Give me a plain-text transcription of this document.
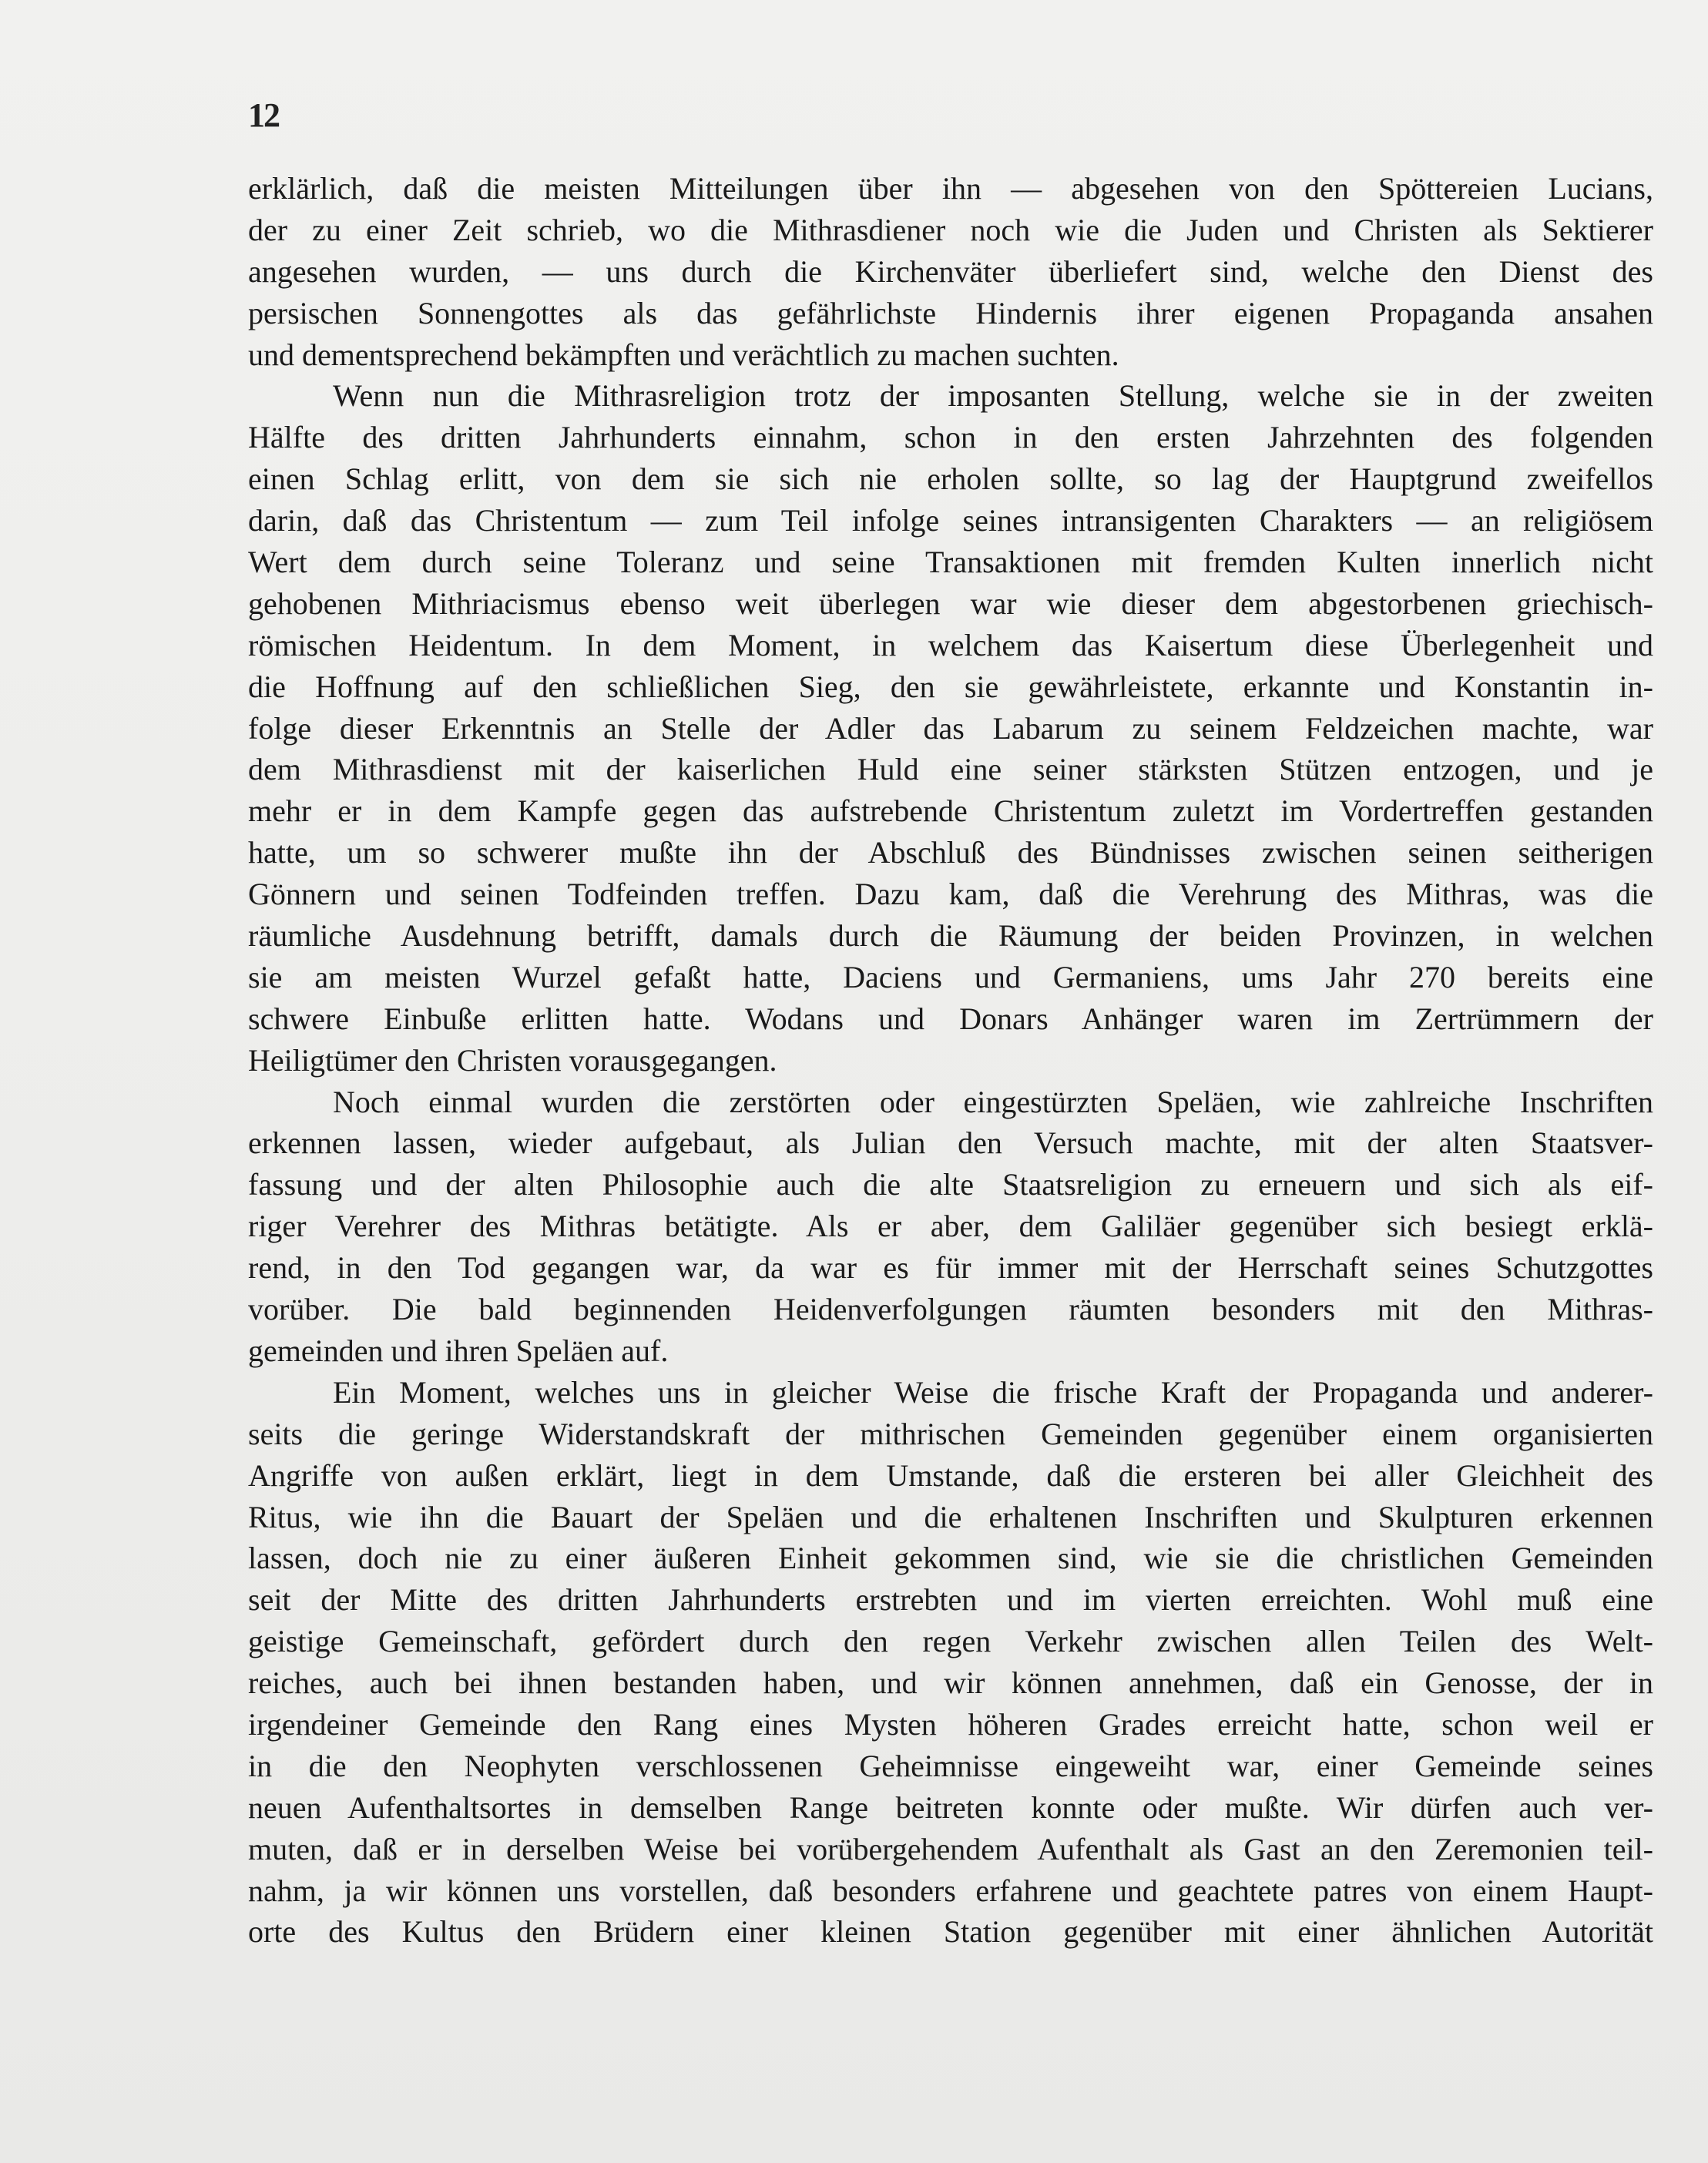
12
erklärlich, daß die meisten Mitteilungen über ihn — abgesehen von den Spöttereien Lucians,
der zu einer Zeit schrieb, wo die Mithrasdiener noch wie die Juden und Christen als Sektierer
angesehen wurden, — uns durch die Kirchenväter überliefert sind, welche den Dienst des
persischen Sonnengottes als das gefährlichste Hindernis ihrer eigenen Propaganda ansahen
und dementsprechend bekämpften und verächtlich zu machen suchten.
Wenn nun die Mithrasreligion trotz der imposanten Stellung, welche sie in der zweiten
Hälfte des dritten Jahrhunderts einnahm, schon in den ersten Jahrzehnten des folgenden
einen Schlag erlitt, von dem sie sich nie erholen sollte, so lag der Hauptgrund zweifellos
darin, daß das Christentum — zum Teil infolge seines intransigenten Charakters — an religiösem
Wert dem durch seine Toleranz und seine Transaktionen mit fremden Kulten innerlich nicht
gehobenen Mithriacismus ebenso weit überlegen war wie dieser dem abgestorbenen griechisch-
römischen Heidentum. In dem Moment, in welchem das Kaisertum diese Überlegenheit und
die Hoffnung auf den schließlichen Sieg, den sie gewährleistete, erkannte und Konstantin in-
folge dieser Erkenntnis an Stelle der Adler das Labarum zu seinem Feldzeichen machte, war
dem Mithrasdienst mit der kaiserlichen Huld eine seiner stärksten Stützen entzogen, und je
mehr er in dem Kampfe gegen das aufstrebende Christentum zuletzt im Vordertreffen gestanden
hatte, um so schwerer mußte ihn der Abschluß des Bündnisses zwischen seinen seitherigen
Gönnern und seinen Todfeinden treffen. Dazu kam, daß die Verehrung des Mithras, was die
räumliche Ausdehnung betrifft, damals durch die Räumung der beiden Provinzen, in welchen
sie am meisten Wurzel gefaßt hatte, Daciens und Germaniens, ums Jahr 270 bereits eine
schwere Einbuße erlitten hatte. Wodans und Donars Anhänger waren im Zertrümmern der
Heiligtümer den Christen vorausgegangen.
Noch einmal wurden die zerstörten oder eingestürzten Speläen, wie zahlreiche Inschriften
erkennen lassen, wieder aufgebaut, als Julian den Versuch machte, mit der alten Staatsver-
fassung und der alten Philosophie auch die alte Staatsreligion zu erneuern und sich als eif-
riger Verehrer des Mithras betätigte. Als er aber, dem Galiläer gegenüber sich besiegt erklä-
rend, in den Tod gegangen war, da war es für immer mit der Herrschaft seines Schutzgottes
vorüber. Die bald beginnenden Heidenverfolgungen räumten besonders mit den Mithras-
gemeinden und ihren Speläen auf.
Ein Moment, welches uns in gleicher Weise die frische Kraft der Propaganda und anderer-
seits die geringe Widerstandskraft der mithrischen Gemeinden gegenüber einem organisierten
Angriffe von außen erklärt, liegt in dem Umstande, daß die ersteren bei aller Gleichheit des
Ritus, wie ihn die Bauart der Speläen und die erhaltenen Inschriften und Skulpturen erkennen
lassen, doch nie zu einer äußeren Einheit gekommen sind, wie sie die christlichen Gemeinden
seit der Mitte des dritten Jahrhunderts erstrebten und im vierten erreichten. Wohl muß eine
geistige Gemeinschaft, gefördert durch den regen Verkehr zwischen allen Teilen des Welt-
reiches, auch bei ihnen bestanden haben, und wir können annehmen, daß ein Genosse, der in
irgendeiner Gemeinde den Rang eines Mysten höheren Grades erreicht hatte, schon weil er
in die den Neophyten verschlossenen Geheimnisse eingeweiht war, einer Gemeinde seines
neuen Aufenthaltsortes in demselben Range beitreten konnte oder mußte. Wir dürfen auch ver-
muten, daß er in derselben Weise bei vorübergehendem Aufenthalt als Gast an den Zeremonien teil-
nahm, ja wir können uns vorstellen, daß besonders erfahrene und geachtete patres von einem Haupt-
orte des Kultus den Brüdern einer kleinen Station gegenüber mit einer ähnlichen Autorität
